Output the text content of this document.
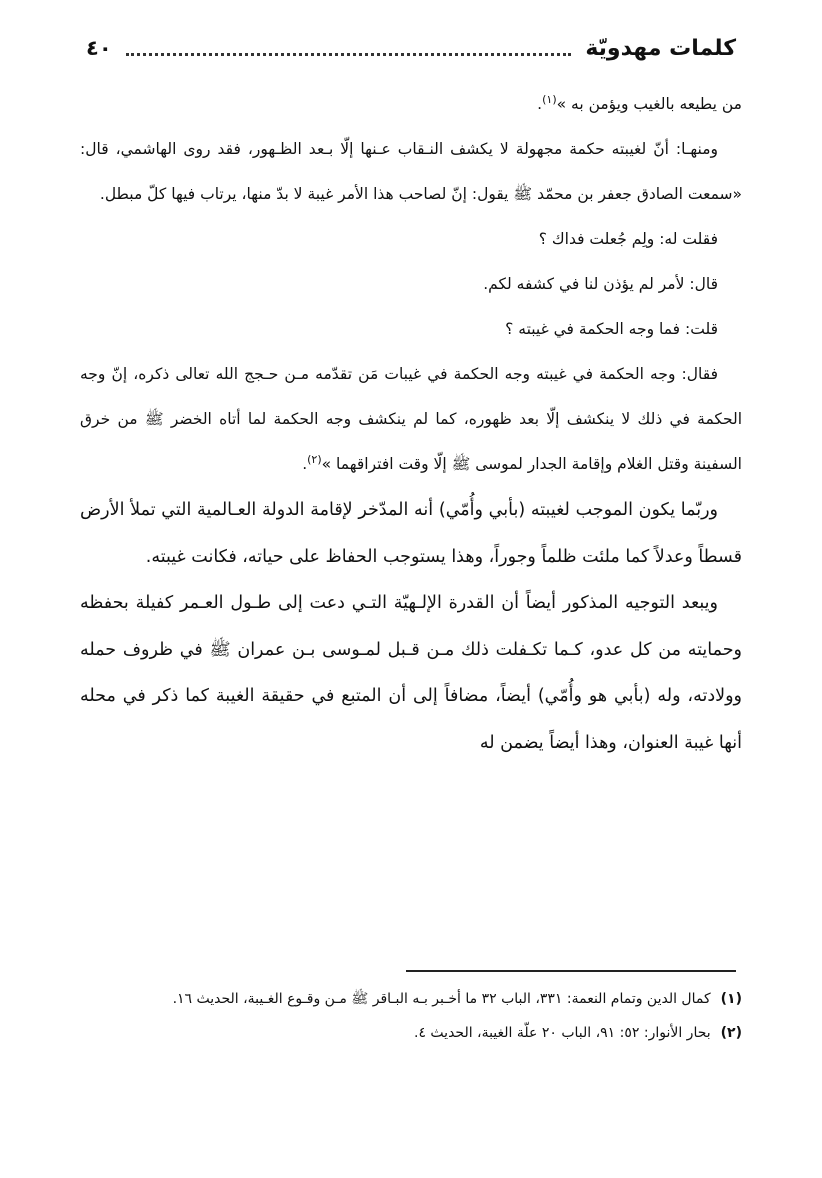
كلمات مهدويّة
٤٠

من يطيعه بالغيب ويؤمن به »$^{(١)}$.

ومنهـا: أنّ لغيبته حكمة مجهولة لا يكشف النـقاب عـنها إلّا بـعد الظـهور، فقد روى الهاشمي، قال: «سمعت الصادق جعفر بن محمّد ﷺ يقول: إنّ لصاحب هذا الأمر غيبة لا بدّ منها، يرتاب فيها كلّ مبطل.

فقلت له: ولِم جُعلت فداك ؟

قال: لأمر لم يؤذن لنا في كشفه لكم.

قلت: فما وجه الحكمة في غيبته ؟

فقال: وجه الحكمة في غيبته وجه الحكمة في غيبات مَن تقدّمه مـن حـجج الله تعالى ذكره، إنّ وجه الحكمة في ذلك لا ينكشف إلّا بعد ظهوره، كما لم ينكشف وجه الحكمة لما أتاه الخضر ﷺ من خرق السفينة وقتل الغلام وإقامة الجدار لموسى ﷺ إلّا وقت افتراقهما »$^{(٢)}$.

وربّما يكون الموجب لغيبته (بأبي وأُمّي) أنه المدّخر لإقامة الدولة العـالمية التي تملأ الأرض قسطاً وعدلاً كما ملئت ظلماً وجوراً، وهذا يستوجب الحفاظ على حياته، فكانت غيبته.

ويبعد التوجيه المذكور أيضاً أن القدرة الإلـهيّة التـي دعت إلى طـول العـمر كفيلة بحفظه وحمايته من كل عدو، كـما تكـفلت ذلك مـن قـبل لمـوسى بـن عمران ﷺ في ظروف حمله وولادته، وله (بأبي هو وأُمّي) أيضاً، مضافاً إلى أن المتبع في حقيقة الغيبة كما ذكر في محله أنها غيبة العنوان، وهذا أيضاً يضمن له

(١)
كمال الدين وتمام النعمة: ٣٣١، الباب ٣٢ ما أخـبر بـه البـاقر ﷺ مـن وقـوع الغـيبة، الحديث ١٦.
(٢)
بحار الأنوار: ٥٢: ٩١، الباب ٢٠ علّة الغيبة، الحديث ٤.
